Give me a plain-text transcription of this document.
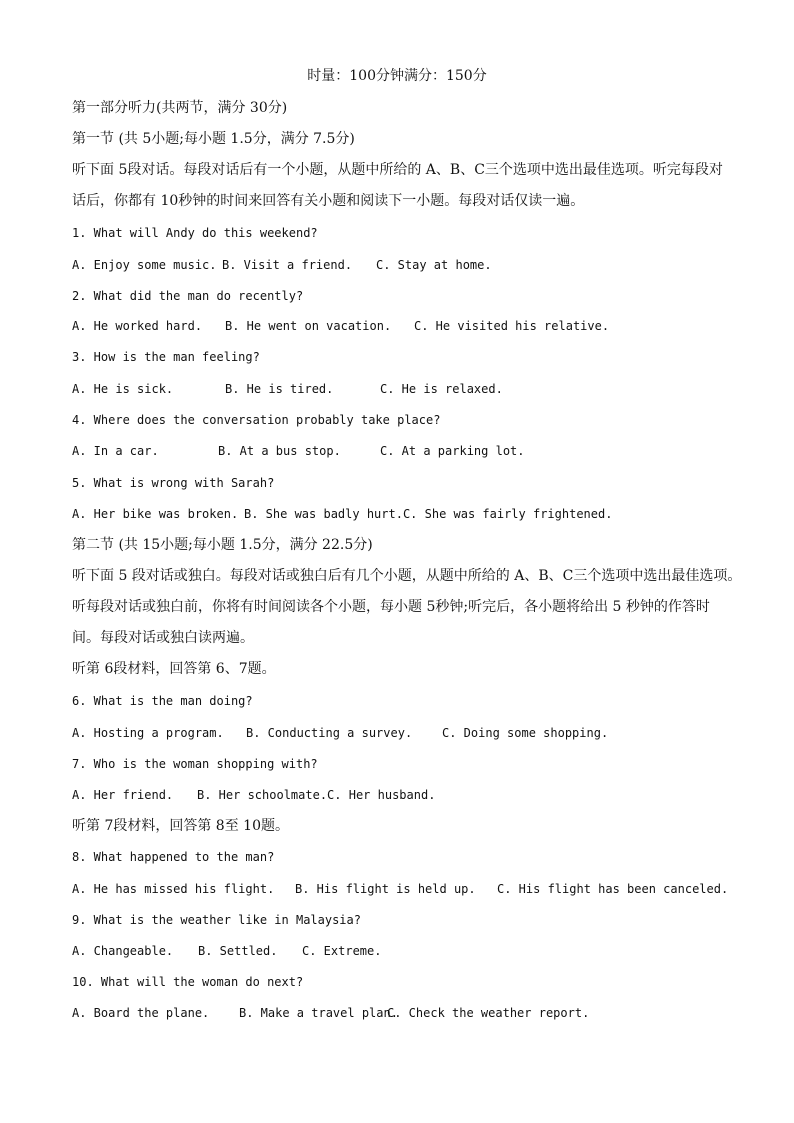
时量：100分钟满分：150分
第一部分听力(共两节，满分 30分)
第一节 (共 5小题;每小题 1.5分，满分 7.5分)
听下面 5段对话。每段对话后有一个小题，从题中所给的 A、B、C三个选项中选出最佳选项。听完每段对
话后，你都有 10秒钟的时间来回答有关小题和阅读下一小题。每段对话仅读一遍。
1. What will Andy do this weekend?
A. Enjoy some music. B. Visit a friend. C. Stay at home.
2. What did the man do recently?
A. He worked hard. B. He went on vacation. C. He visited his relative.
3. How is the man feeling?
A. He is sick.	B. He is tired.	C. He is relaxed.
4. Where does the conversation probably take place?
A. In a car.	B. At a bus stop.	C. At a parking lot.
5. What is wrong with Sarah?
A. Her bike was broken. B. She was badly hurt.C. She was fairly frightened.
第二节 (共 15小题;每小题 1.5分，满分 22.5分)
听下面 5 段对话或独白。每段对话或独白后有几个小题，从题中所给的 A、B、C三个选项中选出最佳选项。
听每段对话或独白前，你将有时间阅读各个小题，每小题 5秒钟;听完后，各小题将给出 5 秒钟的作答时
间。每段对话或独白读两遍。
听第 6段材料，回答第 6、7题。
6. What is the man doing?
A. Hosting a program. B. Conducting a survey. C. Doing some shopping.
7. Who is the woman shopping with?
A. Her friend. B. Her schoolmate.C. Her husband.
听第 7段材料，回答第 8至 10题。
8. What happened to the man?
A. He has missed his flight. B. His flight is held up. C. His flight has been canceled.
9. What is the weather like in Malaysia?
A. Changeable. B. Settled. C. Extreme.
10. What will the woman do next?
A. Board the plane. B. Make a travel plan.C. Check the weather report.
